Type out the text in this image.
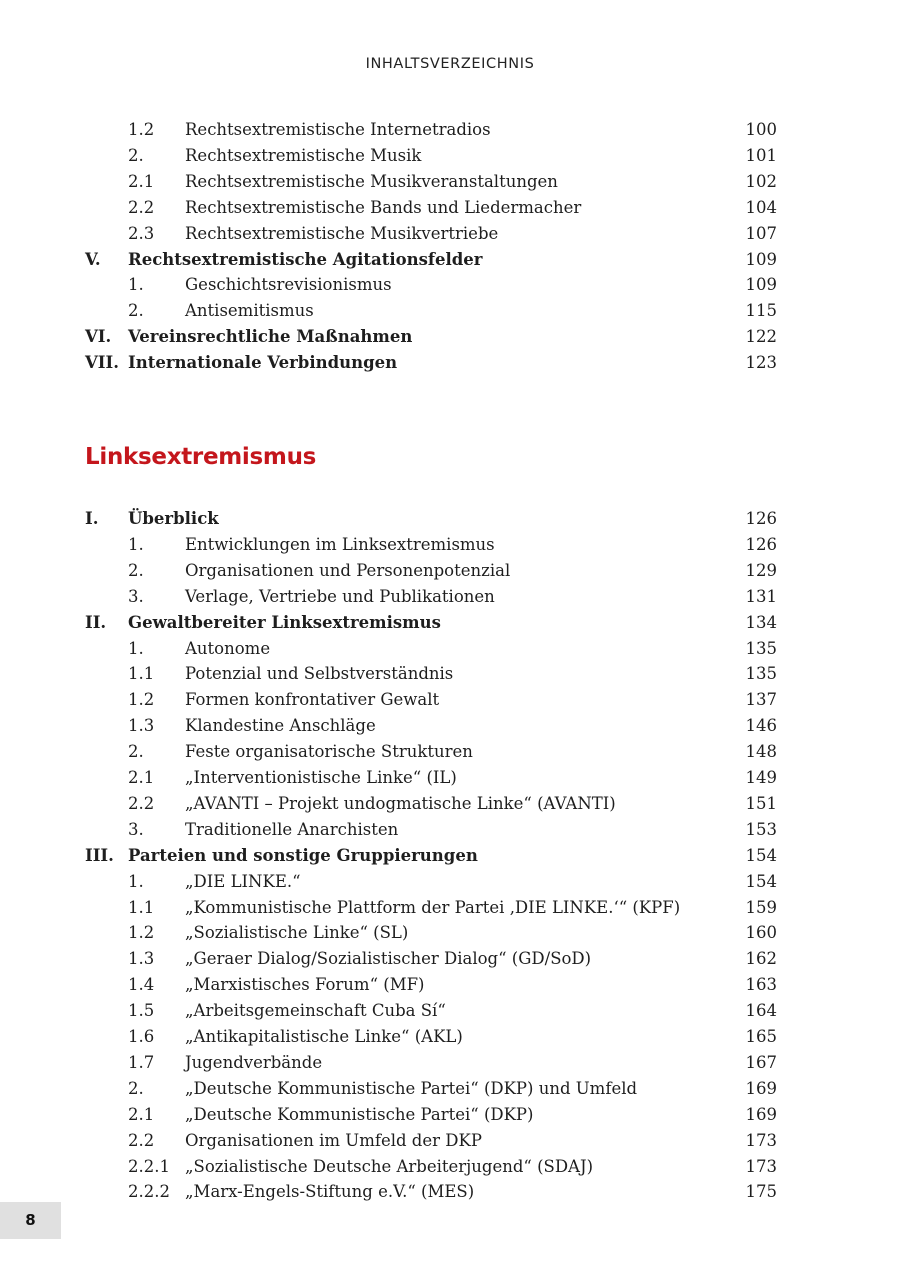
INHALTSVERZEICHNIS
1.2 Rechtsextremistische Internetradios	100
2.	Rechtsextremistische Musik	101
2.1 Rechtsextremistische Musikveranstaltungen	102
2.2 Rechtsextremistische Bands und Liedermacher	104
2.3 Rechtsextremistische Musikvertriebe	107
V. Rechtsextremistische Agitationsfelder	109
1.	Geschichtsrevisionismus	109
2.	Antisemitismus	115
VI. Vereinsrechtliche Maßnahmen	122
VII. Internationale Verbindungen	123
Linksextremismus
I. Überblick	126
1.	Entwicklungen im Linksextremismus	126
2.	Organisationen und Personenpotenzial	129
3.	Verlage, Vertriebe und Publikationen	131
II. Gewaltbereiter Linksextremismus	134
1.	Autonome	135
1.1 Potenzial und Selbstverständnis	135
1.2 Formen konfrontativer Gewalt	137
1.3 Klandestine Anschläge	146
2.	Feste organisatorische Strukturen	148
2.1 „Interventionistische Linke“ (IL)	149
2.2 „AVANTI – Projekt undogmatische Linke“ (AVANTI)	151
3.	Traditionelle Anarchisten	153
III. Parteien und sonstige Gruppierungen	154
1.	„DIE LINKE.“	154
1.1 „Kommunistische Plattform der Partei ‚DIE LINKE.‘“ (KPF)	159
1.2 „Sozialistische Linke“ (SL)	160
1.3 „Geraer Dialog/Sozialistischer Dialog“ (GD/SoD)	162
1.4 „Marxistisches Forum“ (MF)	163
1.5 „Arbeitsgemeinschaft Cuba Sí“	164
1.6 „Antikapitalistische Linke“ (AKL)	165
1.7 Jugendverbände	167
2.	„Deutsche Kommunistische Partei“ (DKP) und Umfeld	169
2.1 „Deutsche Kommunistische Partei“ (DKP)	169
2.2 Organisationen im Umfeld der DKP	173
2.2.1 „Sozialistische Deutsche Arbeiterjugend“ (SDAJ)	173
2.2.2 „Marx-Engels-Stiftung e.V.“ (MES)	175
8
